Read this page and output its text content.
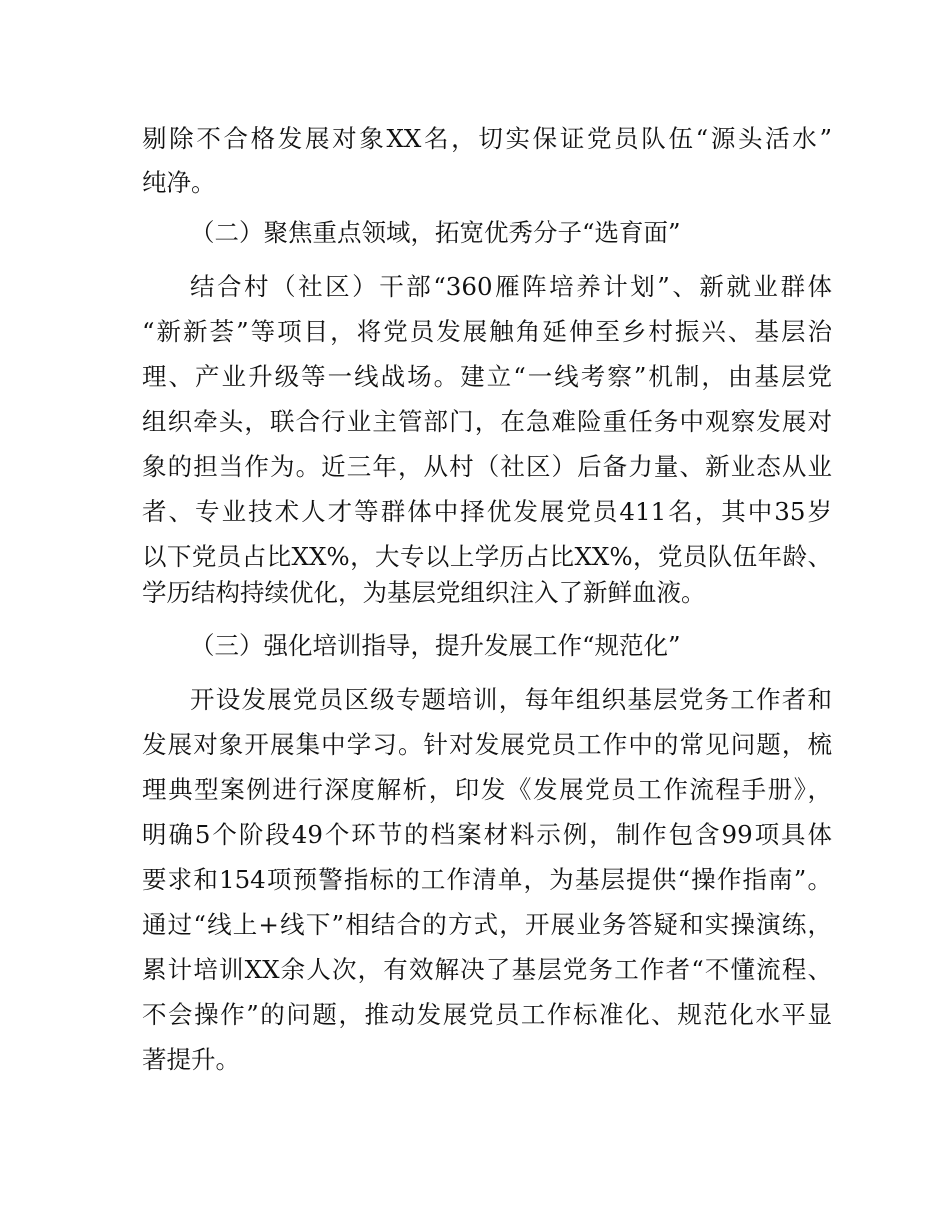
剔除不合格发展对象XX名，切实保证党员队伍“源头活水”
纯净。
（二）聚焦重点领域，拓宽优秀分子“选育面”
结合村（社区）干部“360雁阵培养计划”、新就业群体
“新新荟”等项目，将党员发展触角延伸至乡村振兴、基层治
理、产业升级等一线战场。建立“一线考察”机制，由基层党
组织牵头，联合行业主管部门，在急难险重任务中观察发展对
象的担当作为。近三年，从村（社区）后备力量、新业态从业
者、专业技术人才等群体中择优发展党员411名，其中35岁
以下党员占比XX%，大专以上学历占比XX%，党员队伍年龄、
学历结构持续优化，为基层党组织注入了新鲜血液。
（三）强化培训指导，提升发展工作“规范化”
开设发展党员区级专题培训，每年组织基层党务工作者和
发展对象开展集中学习。针对发展党员工作中的常见问题，梳
理典型案例进行深度解析，印发《发展党员工作流程手册》，
明确5个阶段49个环节的档案材料示例，制作包含99项具体
要求和154项预警指标的工作清单，为基层提供“操作指南”。
通过“线上+线下”相结合的方式，开展业务答疑和实操演练，
累计培训XX余人次，有效解决了基层党务工作者“不懂流程、
不会操作”的问题，推动发展党员工作标准化、规范化水平显
著提升。
